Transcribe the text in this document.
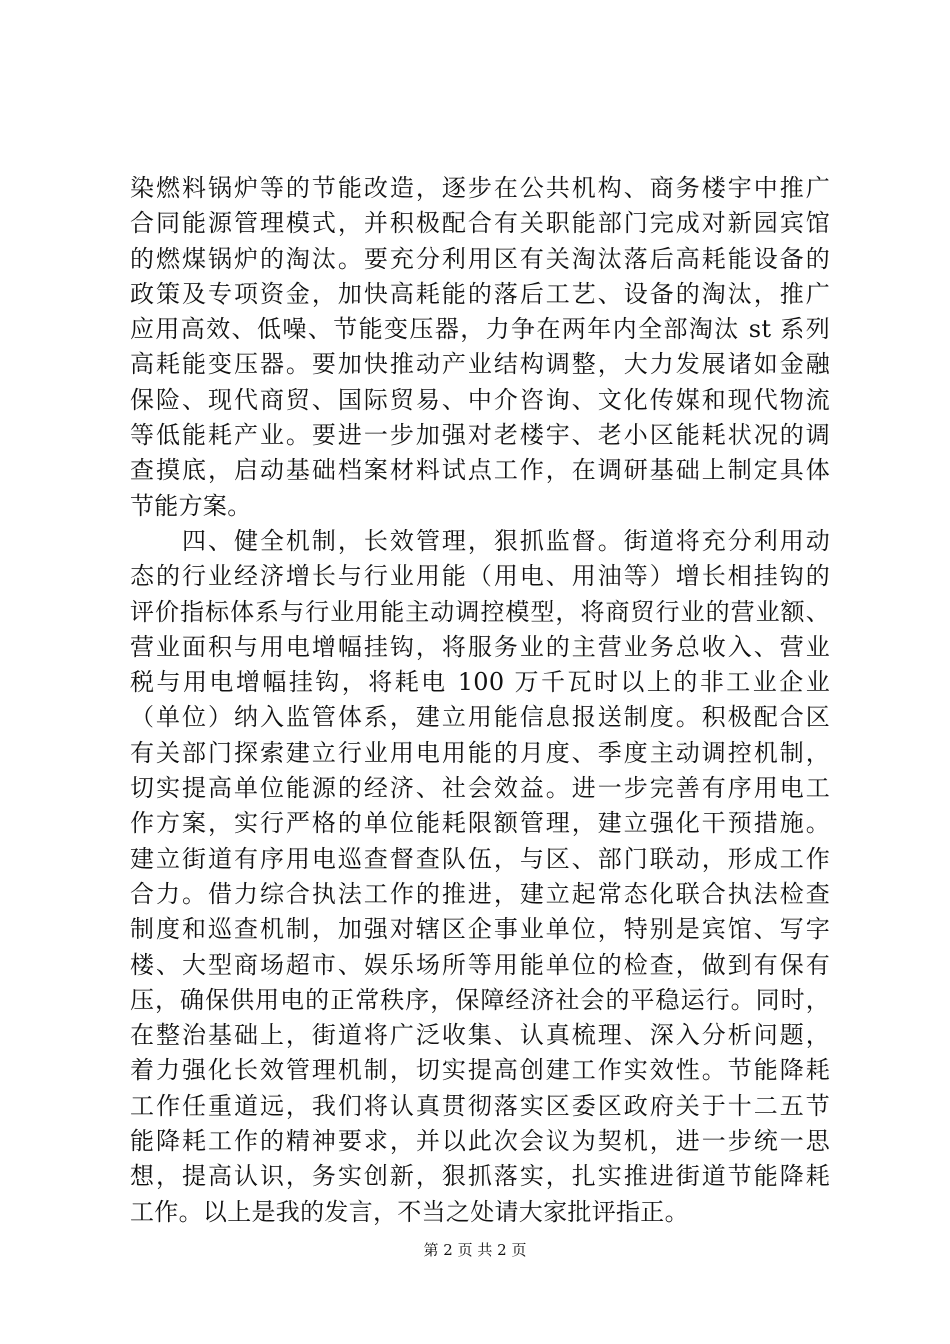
染燃料锅炉等的节能改造，逐步在公共机构、商务楼宇中推广
合同能源管理模式，并积极配合有关职能部门完成对新园宾馆
的燃煤锅炉的淘汰。要充分利用区有关淘汰落后高耗能设备的
政策及专项资金，加快高耗能的落后工艺、设备的淘汰，推广
应用高效、低噪、节能变压器，力争在两年内全部淘汰 st 系列
高耗能变压器。要加快推动产业结构调整，大力发展诸如金融
保险、现代商贸、国际贸易、中介咨询、文化传媒和现代物流
等低能耗产业。要进一步加强对老楼宇、老小区能耗状况的调
查摸底，启动基础档案材料试点工作，在调研基础上制定具体
节能方案。
　　四、健全机制，长效管理，狠抓监督。街道将充分利用动
态的行业经济增长与行业用能（用电、用油等）增长相挂钩的
评价指标体系与行业用能主动调控模型，将商贸行业的营业额、
营业面积与用电增幅挂钩，将服务业的主营业务总收入、营业
税与用电增幅挂钩，将耗电 100 万千瓦时以上的非工业企业
（单位）纳入监管体系，建立用能信息报送制度。积极配合区
有关部门探索建立行业用电用能的月度、季度主动调控机制，
切实提高单位能源的经济、社会效益。进一步完善有序用电工
作方案，实行严格的单位能耗限额管理，建立强化干预措施。
建立街道有序用电巡查督查队伍，与区、部门联动，形成工作
合力。借力综合执法工作的推进，建立起常态化联合执法检查
制度和巡查机制，加强对辖区企事业单位，特别是宾馆、写字
楼、大型商场超市、娱乐场所等用能单位的检查，做到有保有
压，确保供用电的正常秩序，保障经济社会的平稳运行。同时，
在整治基础上，街道将广泛收集、认真梳理、深入分析问题，
着力强化长效管理机制，切实提高创建工作实效性。节能降耗
工作任重道远，我们将认真贯彻落实区委区政府关于十二五节
能降耗工作的精神要求，并以此次会议为契机，进一步统一思
想，提高认识，务实创新，狠抓落实，扎实推进街道节能降耗
工作。以上是我的发言，不当之处请大家批评指正。
第 2 页 共 2 页
